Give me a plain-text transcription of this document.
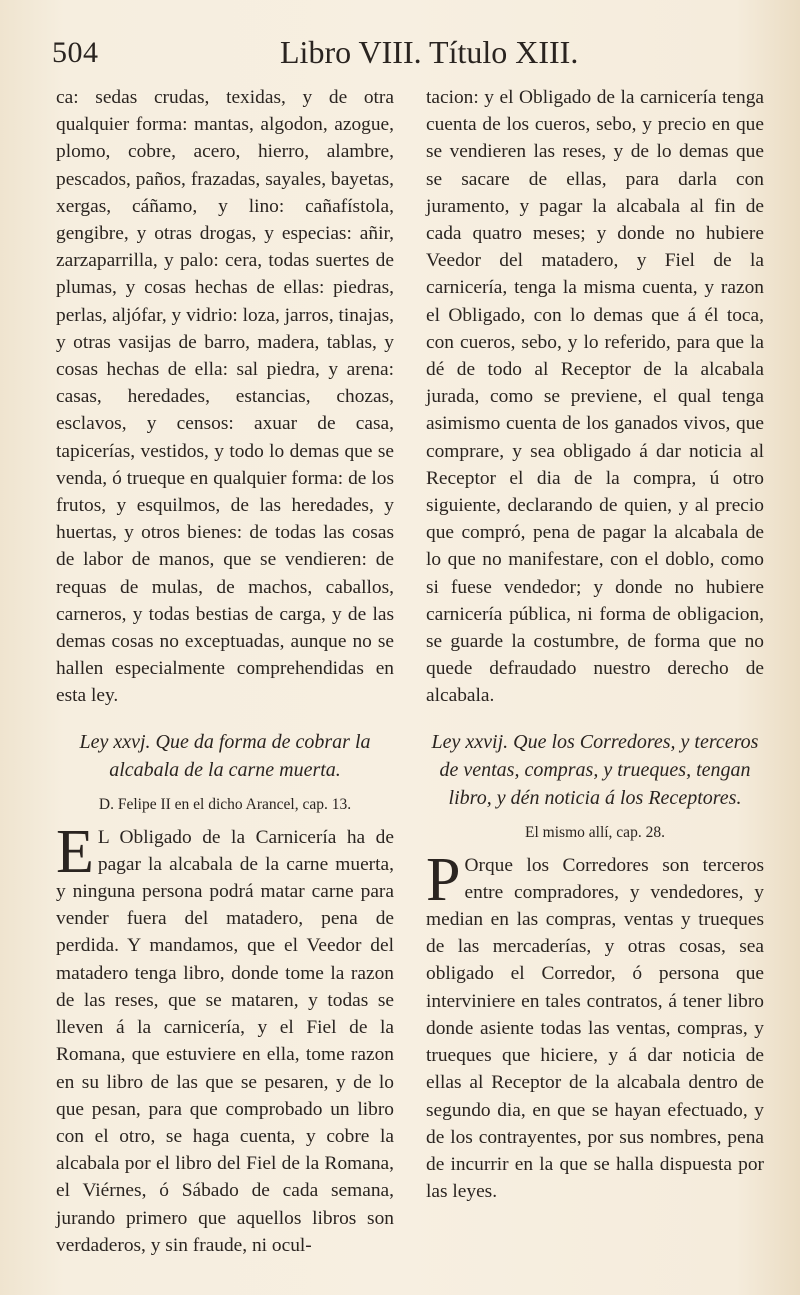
504	Libro VIII. Título XIII.

ca: sedas crudas, texidas, y de otra qualquier forma: mantas, algodon, azogue, plomo, cobre, acero, hierro, alambre, pescados, paños, frazadas, sayales, bayetas, xergas, cáñamo, y lino: cañafístola, gengibre, y otras drogas, y especias: añir, zarzaparrilla, y palo: cera, todas suertes de plumas, y cosas hechas de ellas: piedras, perlas, aljófar, y vidrio: loza, jarros, tinajas, y otras vasijas de barro, madera, tablas, y cosas hechas de ella: sal piedra, y arena: casas, heredades, estancias, chozas, esclavos, y censos: axuar de casa, tapicerías, vestidos, y todo lo demas que se venda, ó trueque en qualquier forma: de los frutos, y esquilmos, de las heredades, y huertas, y otros bienes: de todas las cosas de labor de manos, que se vendieren: de requas de mulas, de machos, caballos, carneros, y todas bestias de carga, y de las demas cosas no exceptuadas, aunque no se hallen especialmente comprehendidas en esta ley.

Ley xxvj. Que da forma de cobrar la alcabala de la carne muerta.
D. Felipe II en el dicho Arancel, cap. 13.

E L Obligado de la Carnicería ha de pagar la alcabala de la carne muerta, y ninguna persona podrá matar carne para vender fuera del matadero, pena de perdida. Y mandamos, que el Veedor del matadero tenga libro, donde tome la razon de las reses, que se mataren, y todas se lleven á la carnicería, y el Fiel de la Romana, que estuviere en ella, tome razon en su libro de las que se pesaren, y de lo que pesan, para que comprobado un libro con el otro, se haga cuenta, y cobre la alcabala por el libro del Fiel de la Romana, el Viérnes, ó Sábado de cada semana, jurando primero que aquellos libros son verdaderos, y sin fraude, ni ocul-

tacion: y el Obligado de la carnicería tenga cuenta de los cueros, sebo, y precio en que se vendieren las reses, y de lo demas que se sacare de ellas, para darla con juramento, y pagar la alcabala al fin de cada quatro meses; y donde no hubiere Veedor del matadero, y Fiel de la carnicería, tenga la misma cuenta, y razon el Obligado, con lo demas que á él toca, con cueros, sebo, y lo referido, para que la dé de todo al Receptor de la alcabala jurada, como se previene, el qual tenga asimismo cuenta de los ganados vivos, que comprare, y sea obligado á dar noticia al Receptor el dia de la compra, ú otro siguiente, declarando de quien, y al precio que compró, pena de pagar la alcabala de lo que no manifestare, con el doblo, como si fuese vendedor; y donde no hubiere carnicería pública, ni forma de obligacion, se guarde la costumbre, de forma que no quede defraudado nuestro derecho de alcabala.

Ley xxvij. Que los Corredores, y terceros de ventas, compras, y trueques, tengan libro, y dén noticia á los Receptores.
El mismo allí, cap. 28.

P Orque los Corredores son terceros entre compradores, y vendedores, y median en las compras, ventas y trueques de las mercaderías, y otras cosas, sea obligado el Corredor, ó persona que interviniere en tales contratos, á tener libro donde asiente todas las ventas, compras, y trueques que hiciere, y á dar noticia de ellas al Receptor de la alcabala dentro de segundo dia, en que se hayan efectuado, y de los contrayentes, por sus nombres, pena de incurrir en la que se halla dispuesta por las leyes.
